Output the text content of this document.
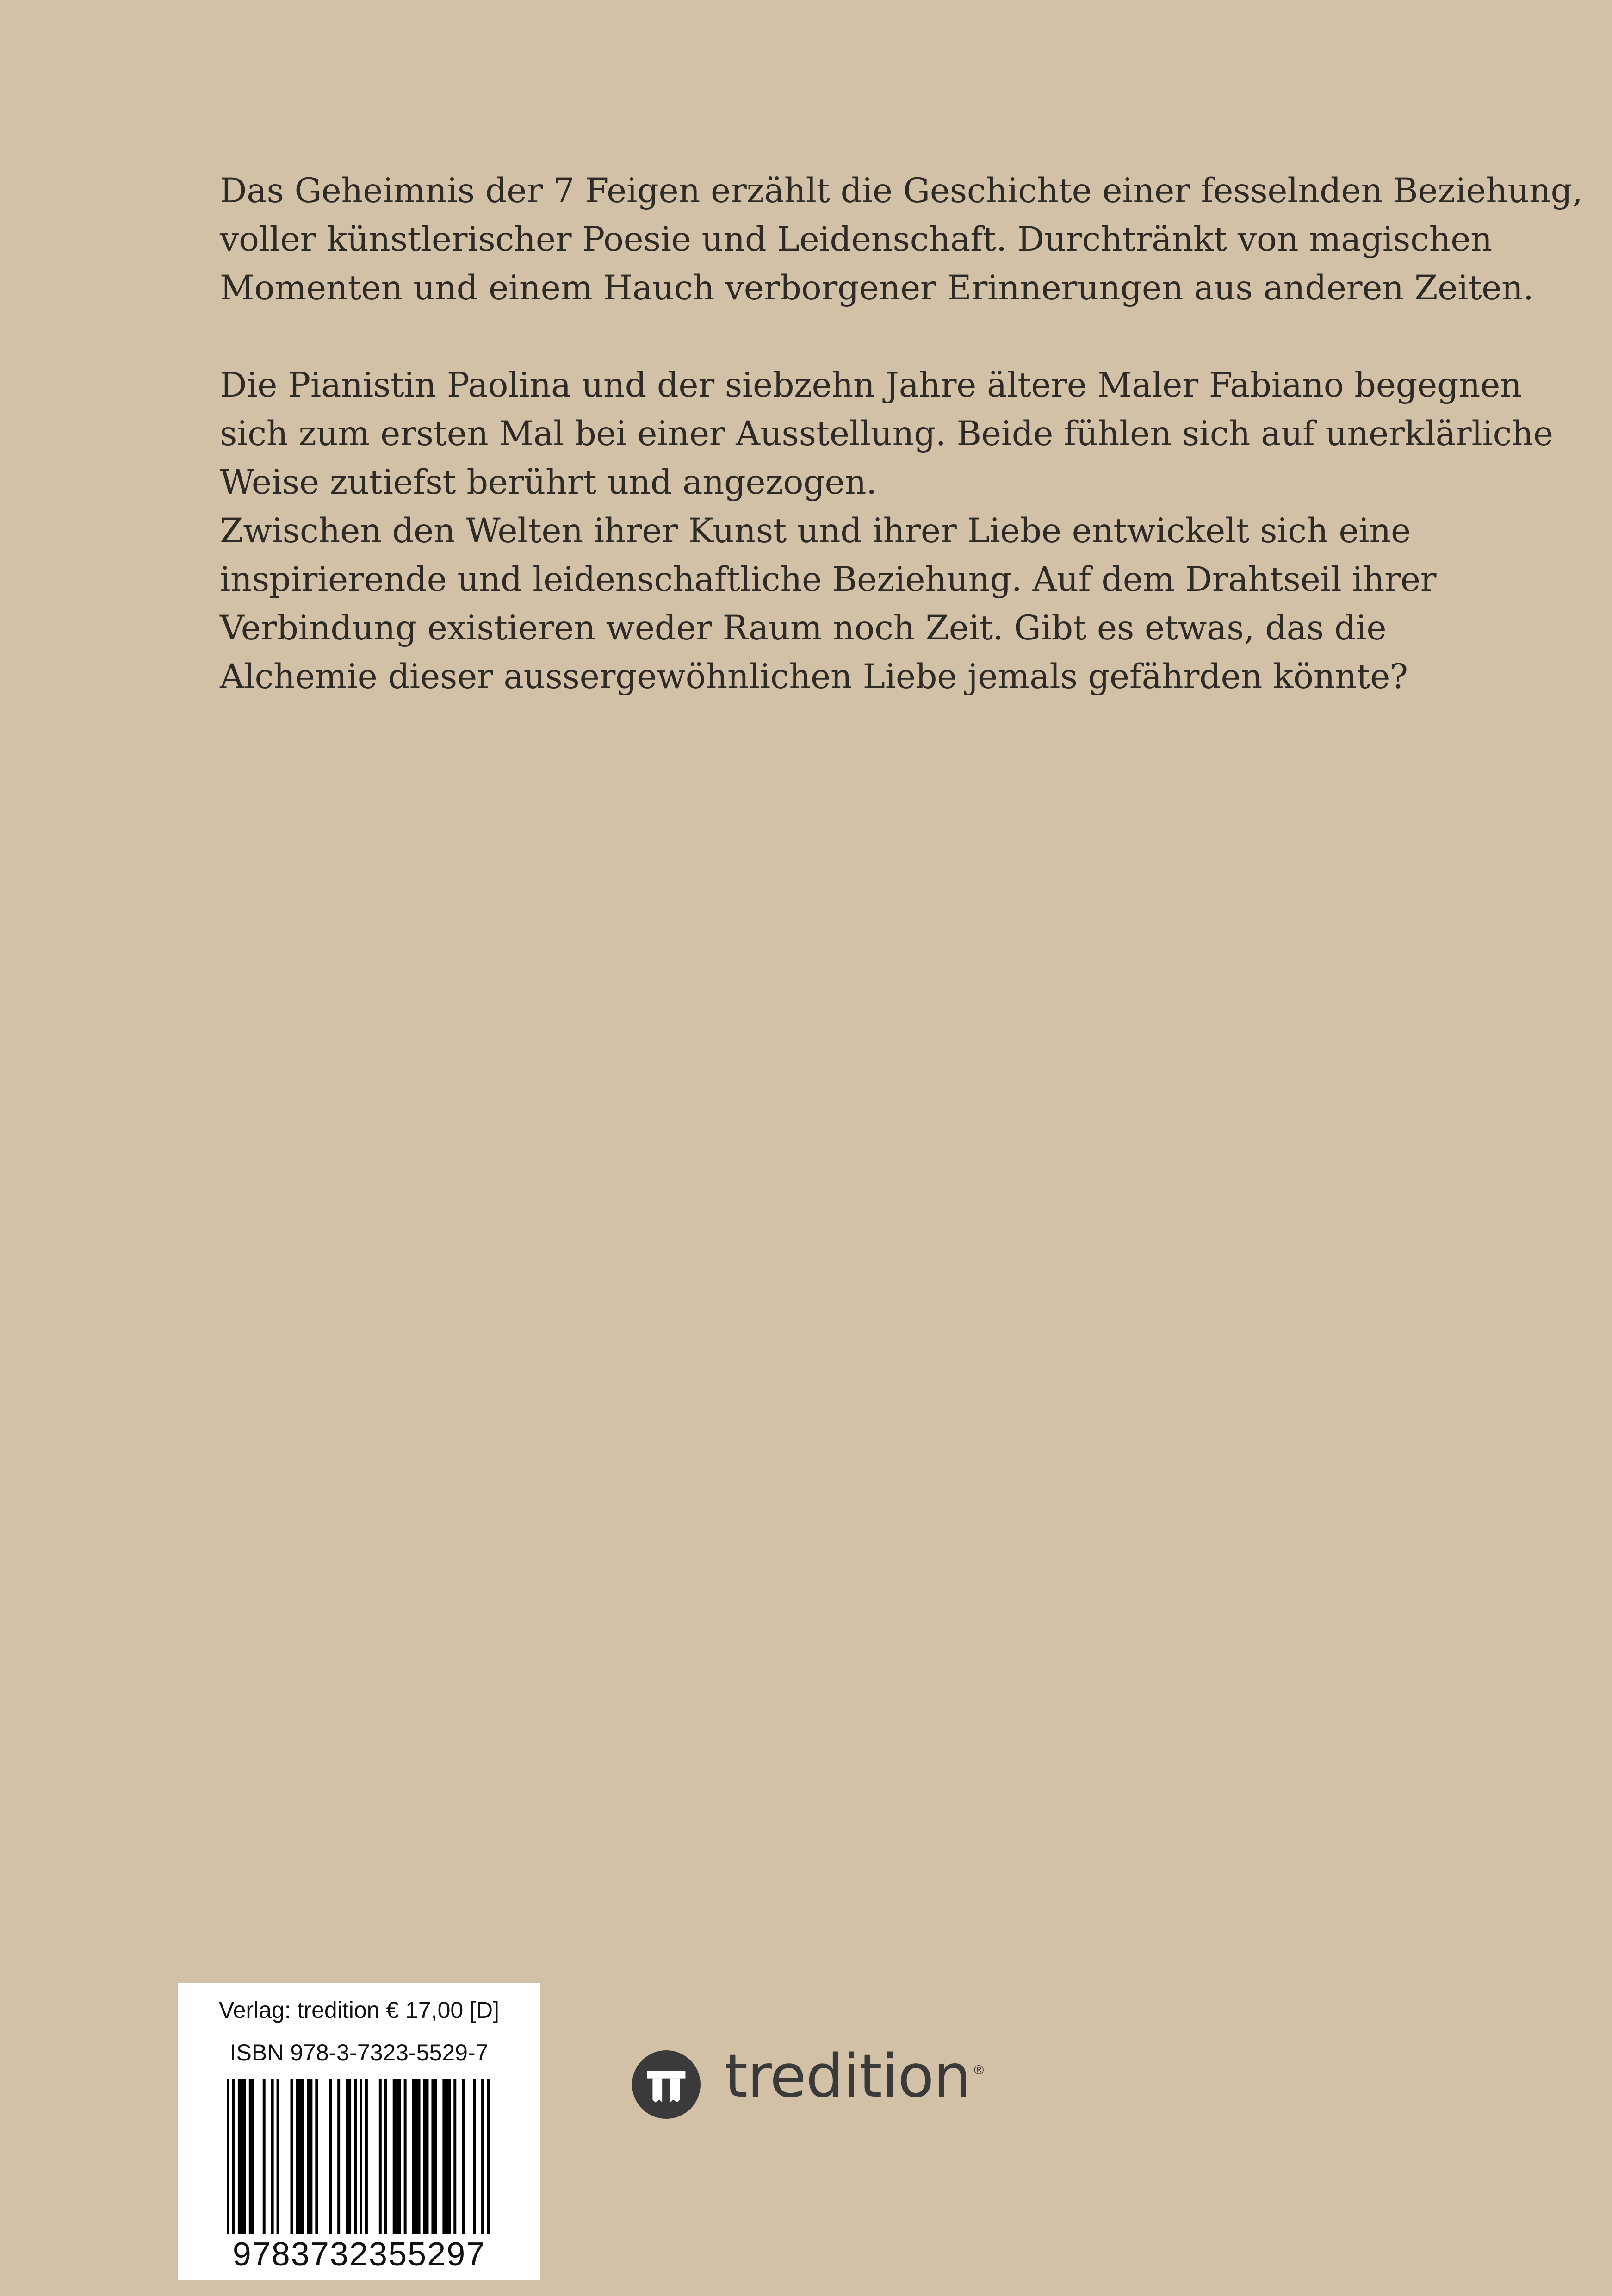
Das Geheimnis der 7 Feigen erzählt die Geschichte einer fesselnden Beziehung,
voller künstlerischer Poesie und Leidenschaft. Durchtränkt von magischen
Momenten und einem Hauch verborgener Erinnerungen aus anderen Zeiten.
Die Pianistin Paolina und der siebzehn Jahre ältere Maler Fabiano begegnen
sich zum ersten Mal bei einer Ausstellung. Beide fühlen sich auf unerklärliche
Weise zutiefst berührt und angezogen.
Zwischen den Welten ihrer Kunst und ihrer Liebe entwickelt sich eine
inspirierende und leidenschaftliche Beziehung. Auf dem Drahtseil ihrer
Verbindung existieren weder Raum noch Zeit. Gibt es etwas, das die
Alchemie dieser aussergewöhnlichen Liebe jemals gefährden könnte?
Verlag: tredition € 17,00 [D]
ISBN 978-3-7323-5529-7
9783732355297
tredition ®
